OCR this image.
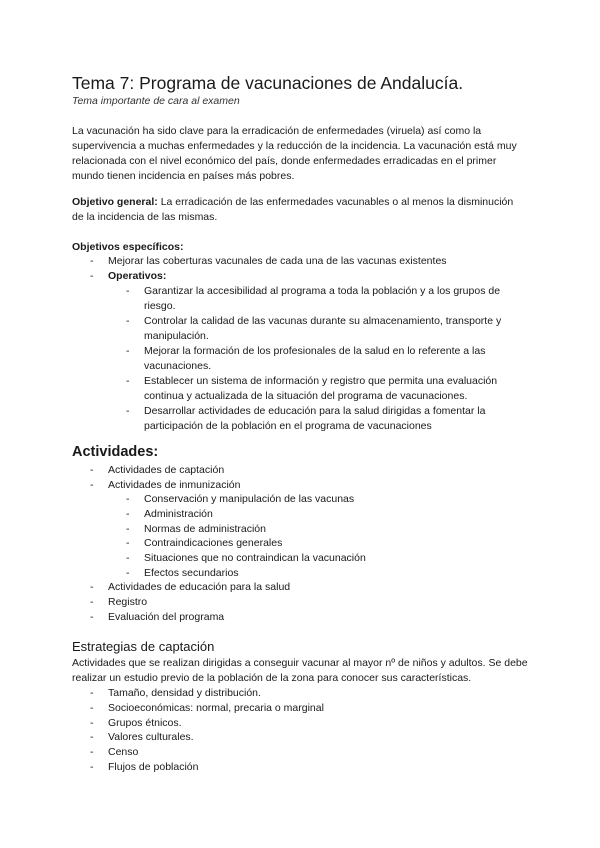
Tema 7: Programa de vacunaciones de Andalucía.

Tema importante de cara al examen

La vacunación ha sido clave para la erradicación de enfermedades (viruela) así como la supervivencia a muchas enfermedades y la reducción de la incidencia. La vacunación está muy relacionada con el nivel económico del país, donde enfermedades erradicadas en el primer mundo tienen incidencia en países más pobres.

Objetivo general: La erradicación de las enfermedades vacunables o al menos la disminución de la incidencia de las mismas.

Objetivos específicos:

- Mejorar las coberturas vacunales de cada una de las vacunas existentes
- Operativos:
- Garantizar la accesibilidad al programa a toda la población y a los grupos de riesgo.
- Controlar la calidad de las vacunas durante su almacenamiento, transporte y manipulación.
- Mejorar la formación de los profesionales de la salud en lo referente a las vacunaciones.
- Establecer un sistema de información y registro que permita una evaluación continua y actualizada de la situación del programa de vacunaciones.
- Desarrollar actividades de educación para la salud dirigidas a fomentar la participación de la población en el programa de vacunaciones
Actividades:
- Actividades de captación
- Actividades de inmunización
- Conservación y manipulación de las vacunas
- Administración
- Normas de administración
- Contraindicaciones generales
- Situaciones que no contraindican la vacunación
- Efectos secundarios
- Actividades de educación para la salud
- Registro
- Evaluación del programa
Estrategias de captación

Actividades que se realizan dirigidas a conseguir vacunar al mayor nº de niños y adultos. Se debe realizar un estudio previo de la población de la zona para conocer sus características.

- Tamaño, densidad y distribución.
- Socioeconómicas: normal, precaria o marginal
- Grupos étnicos.
- Valores culturales.
- Censo
- Flujos de población
